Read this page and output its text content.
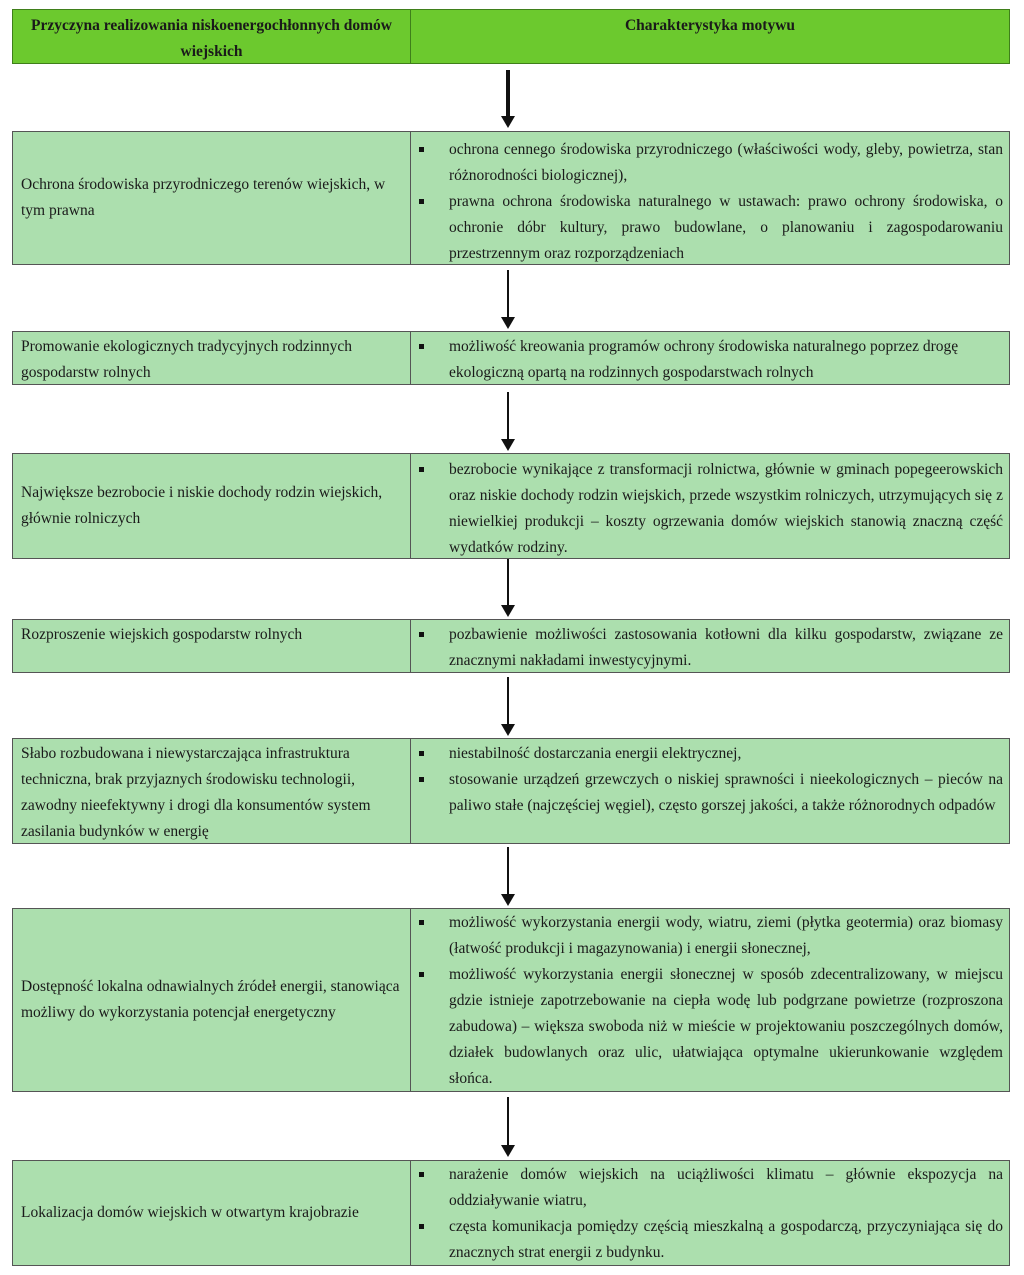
Przyczyna realizowania niskoenergochłonnych domów wiejskich
Charakterystyka motywu
Ochrona środowiska przyrodniczego terenów wiejskich, w tym prawna
ochrona cennego środowiska przyrodniczego (właściwości wody, gleby, powietrza, stan różnorodności biologicznej),
prawna ochrona środowiska naturalnego w ustawach: prawo ochrony środowiska, o ochronie dóbr kultury, prawo budowlane, o planowaniu i zagospodarowaniu przestrzennym oraz rozporządzeniach
Promowanie ekologicznych tradycyjnych rodzinnych gospodarstw rolnych
możliwość kreowania programów ochrony środowiska naturalnego poprzez drogę ekologiczną opartą na rodzinnych gospodarstwach rolnych
Największe bezrobocie i niskie dochody rodzin wiejskich, głównie rolniczych
bezrobocie wynikające z transformacji rolnictwa, głównie w gminach popegeerowskich oraz niskie dochody rodzin wiejskich, przede wszystkim rolniczych, utrzymujących się z niewielkiej produkcji – koszty ogrzewania domów wiejskich stanowią znaczną część wydatków rodziny.
Rozproszenie wiejskich gospodarstw rolnych	pozbawienie możliwości zastosowania kotłowni dla kilku gospodarstw, związane ze znacznymi nakładami inwestycyjnymi.
Słabo rozbudowana i niewystarczająca infrastruktura techniczna, brak przyjaznych środowisku technologii, zawodny nieefektywny i drogi dla konsumentów system zasilania budynków w energię
niestabilność dostarczania energii elektrycznej,
stosowanie urządzeń grzewczych o niskiej sprawności i nieekologicznych – pieców na paliwo stałe (najczęściej węgiel), często gorszej jakości, a także różnorodnych odpadów
Dostępność lokalna odnawialnych źródeł energii, stanowiąca możliwy do wykorzystania potencjał energetyczny
możliwość wykorzystania energii wody, wiatru, ziemi (płytka geotermia) oraz biomasy (łatwość produkcji i magazynowania) i energii słonecznej,
możliwość wykorzystania energii słonecznej w sposób zdecentralizowany, w miejscu gdzie istnieje zapotrzebowanie na ciepła wodę lub podgrzane powietrze (rozproszona zabudowa) – większa swoboda niż w mieście w projektowaniu poszczególnych domów, działek budowlanych oraz ulic, ułatwiająca optymalne ukierunkowanie względem słońca.
Lokalizacja domów wiejskich w otwartym krajobrazie
narażenie domów wiejskich na uciążliwości klimatu – głównie ekspozycja na oddziaływanie wiatru,
częsta komunikacja pomiędzy częścią mieszkalną a gospodarczą, przyczyniająca się do znacznych strat energii z budynku.
